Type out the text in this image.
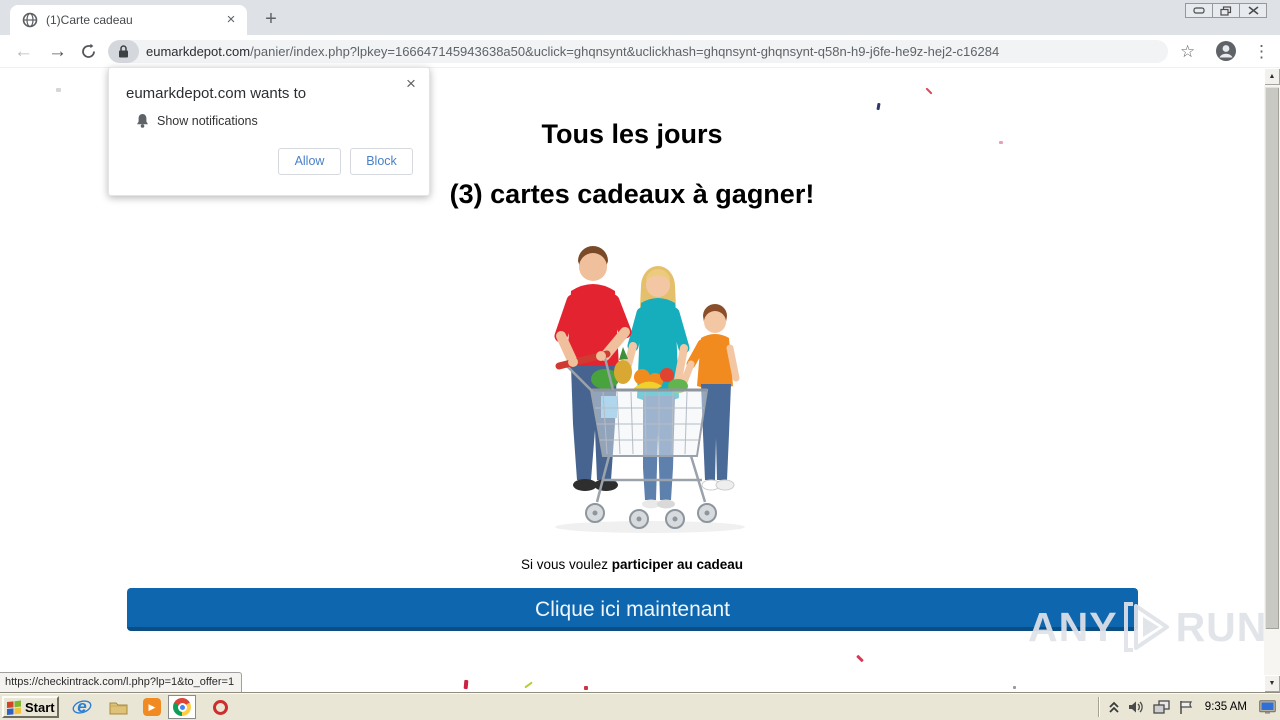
(1)Carte cadeau	×	+
← →	eumarkdepot.com/panier/index.php?lpkey=166647145943638a50&uclick=ghqnsynt&uclickhash=ghqnsynt-ghqnsynt-q58n-h9-j6fe-he9z-hej2-c16284	☆	⋮
×
eumarkdepot.com wants to
Show notifications
Allow	Block
Tous les jours
(3) cartes cadeaux à gagner!
Si vous voulez participer au cadeau
Clique ici maintenant	ANY RUN
https://checkintrack.com/l.php?lp=1&to_offer=1
▲
▼
Start e	▶	9:35 AM
